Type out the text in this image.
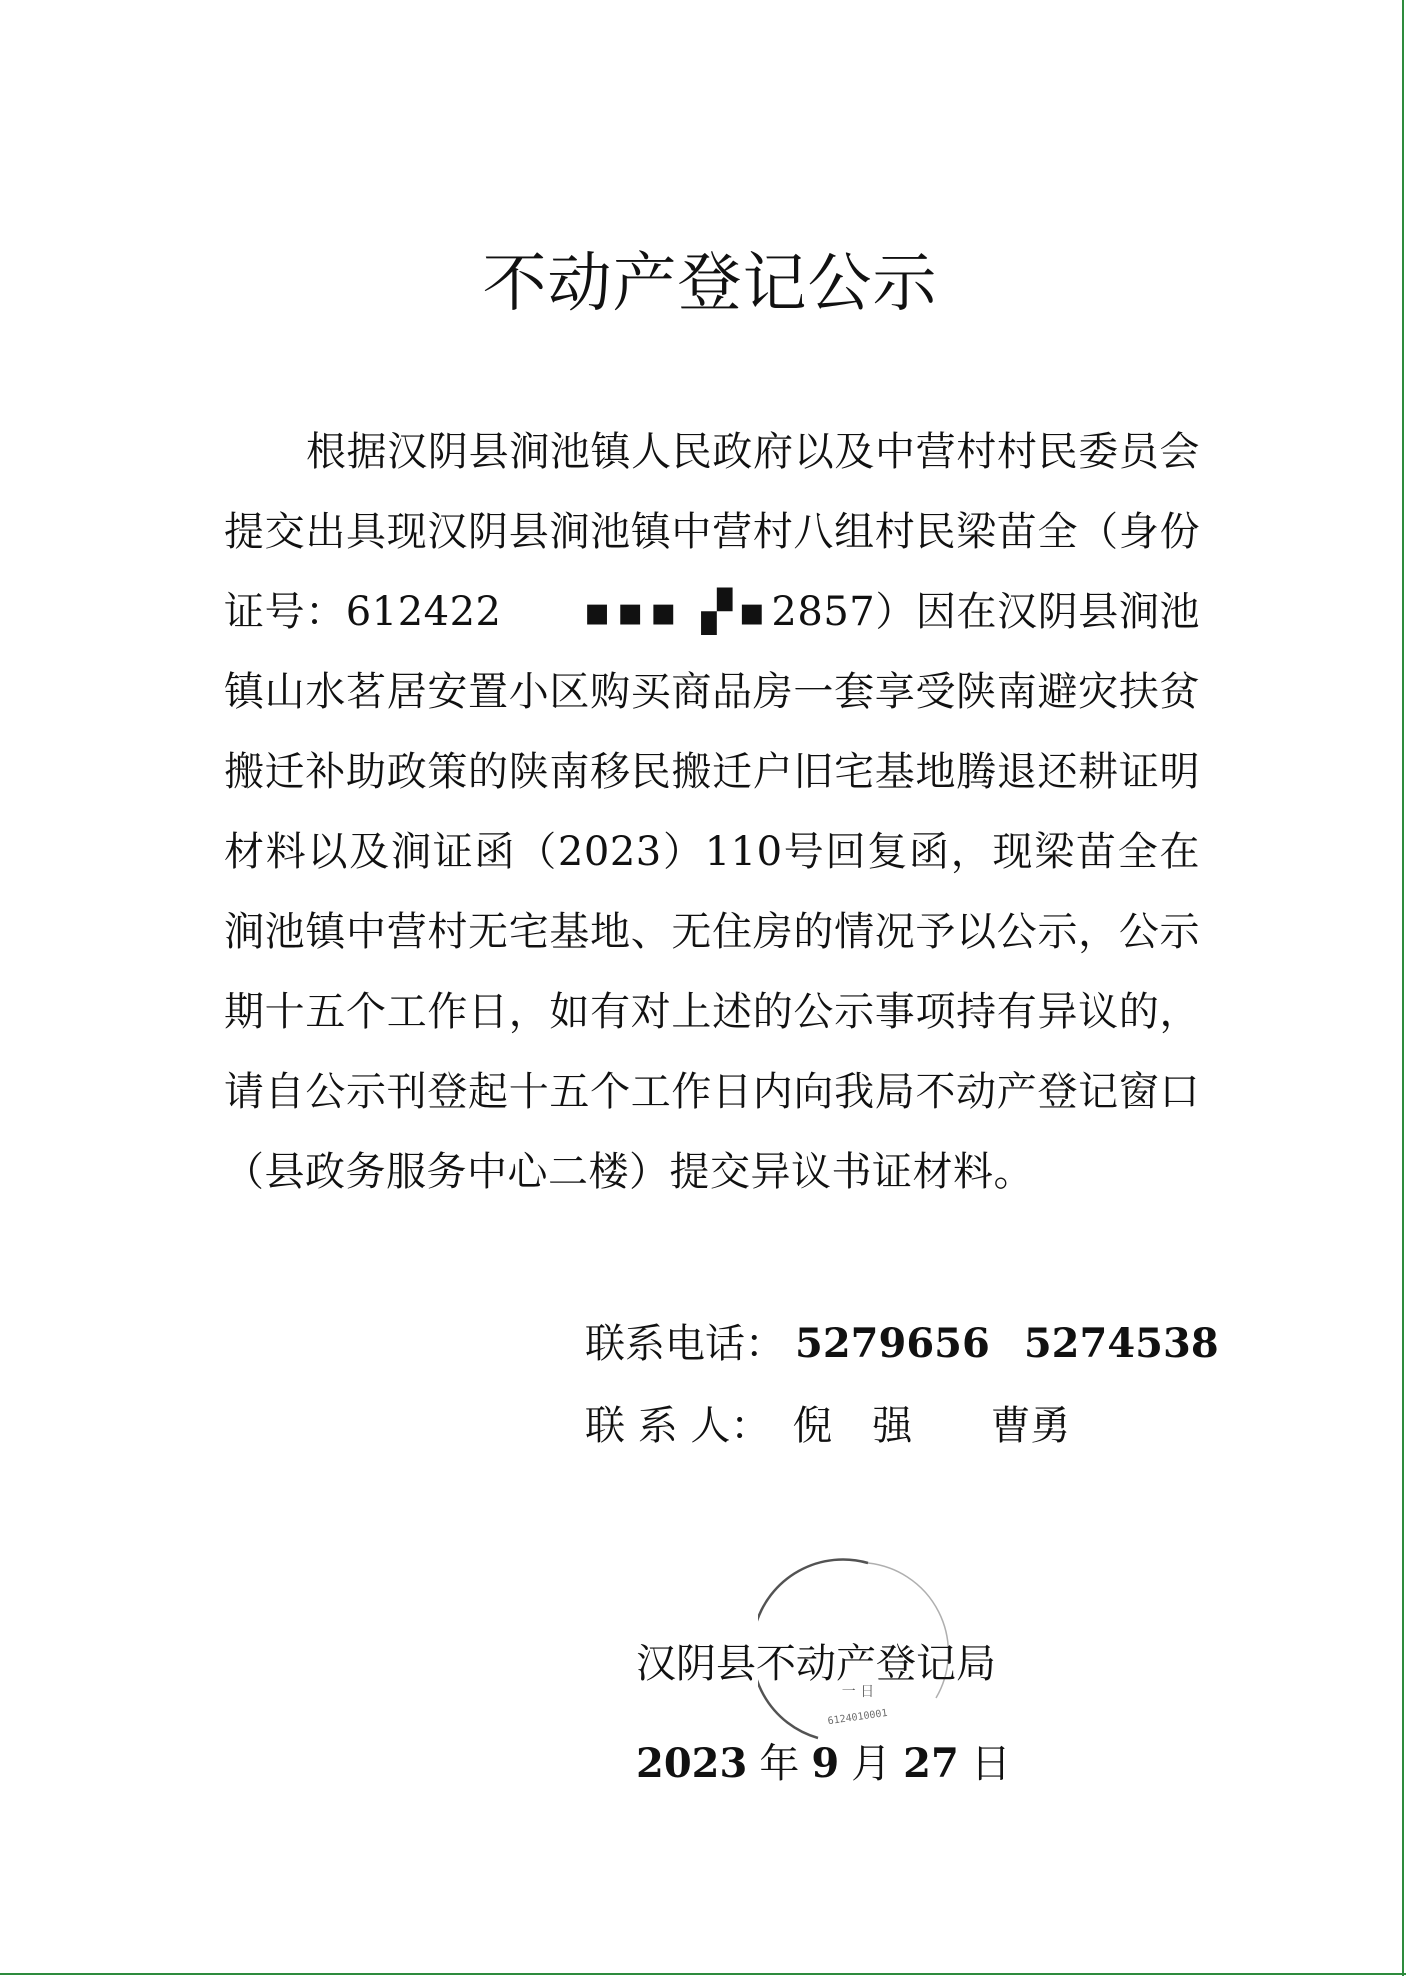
不动产登记公示

根据汉阴县涧池镇人民政府以及中营村村民委员会提交出具现汉阴县涧池镇中营村八组村民梁苗全（身份证号：612422 ▪▪▪ ▞▪2857）因在汉阴县涧池镇山水茗居安置小区购买商品房一套享受陕南避灾扶贫搬迁补助政策的陕南移民搬迁户旧宅基地腾退还耕证明材料以及涧证函（2023）110号回复函，现梁苗全在涧池镇中营村无宅基地、无住房的情况予以公示，公示期十五个工作日，如有对上述的公示事项持有异议的，请自公示刊登起十五个工作日内向我局不动产登记窗口（县政务服务中心二楼）提交异议书证材料。

联系电话： 5279656 5274538
联 系 人： 倪　强 曹勇
汉阴县不动产登记局
2023 年 9 月 27 日
一 日
6124010001
